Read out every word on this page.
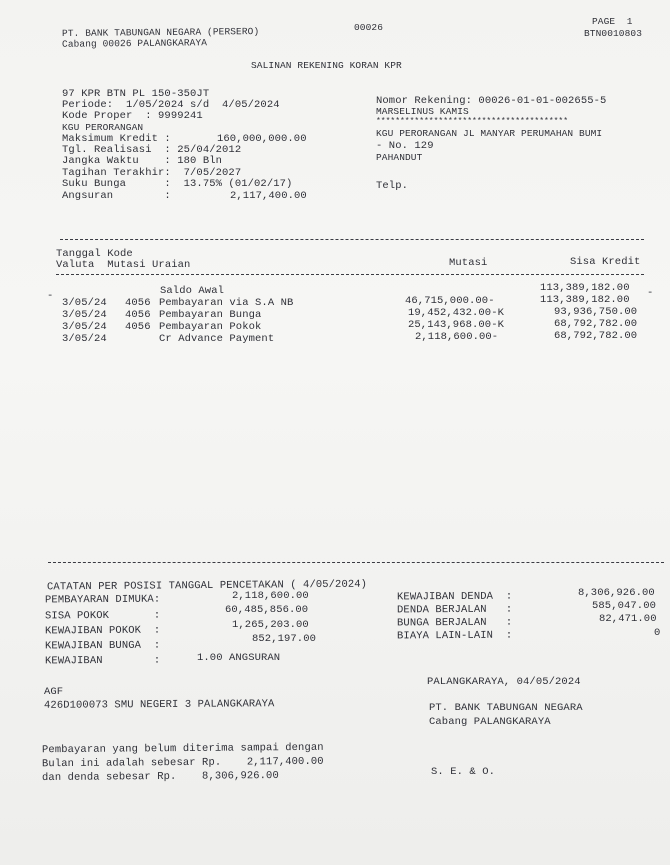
PT. BANK TABUNGAN NEGARA (PERSERO)
Cabang 00026 PALANGKARAYA
00026
PAGE  1
BTN0010803
SALINAN REKENING KORAN KPR
97 KPR BTN PL 150-350JT
Periode:  1/05/2024 s/d  4/05/2024
Kode Proper  : 9999241
KGU PERORANGAN
Maksimum Kredit :	160,000,000.00
Tgl. Realisasi  : 25/04/2012
Jangka Waktu    : 180 Bln
Tagihan Terakhir:  7/05/2027
Suku Bunga      :  13.75% (01/02/17)
Angsuran        :	2,117,400.00
Nomor Rekening: 00026-01-01-002655-5
MARSELINUS KAMIS
****************************************
KGU PERORANGAN JL MANYAR PERUMAHAN BUMI
- No. 129
PAHANDUT
Telp.
Tanggal Kode
Valuta  Mutasi Uraian	Mutasi	Sisa Kredit
Saldo Awal	113,389,182.00
-	-
3/05/24 4056 Pembayaran via S.A NB	46,715,000.00-	113,389,182.00
3/05/24 4056 Pembayaran Bunga	19,452,432.00-K	93,936,750.00
3/05/24 4056 Pembayaran Pokok	25,143,968.00-K	68,792,782.00
3/05/24	Cr Advance Payment	2,118,600.00-	68,792,782.00
CATATAN PER POSISI TANGGAL PENCETAKAN ( 4/05/2024)
PEMBAYARAN DIMUKA:	2,118,600.00
SISA POKOK       :	60,485,856.00
KEWAJIBAN POKOK  :	1,265,203.00
KEWAJIBAN BUNGA  :
852,197.00
KEWAJIBAN        :	1.00 ANGSURAN
KEWAJIBAN DENDA  :	8,306,926.00
DENDA BERJALAN   :	585,047.00
BUNGA BERJALAN   :	82,471.00
BIAYA LAIN-LAIN  :	0
PALANGKARAYA, 04/05/2024
AGF
426D100073 SMU NEGERI 3 PALANGKARAYA	PT. BANK TABUNGAN NEGARA
Cabang PALANGKARAYA
Pembayaran yang belum diterima sampai dengan
Bulan ini adalah sebesar Rp.    2,117,400.00
dan denda sebesar Rp.    8,306,926.00	S. E. & O.
